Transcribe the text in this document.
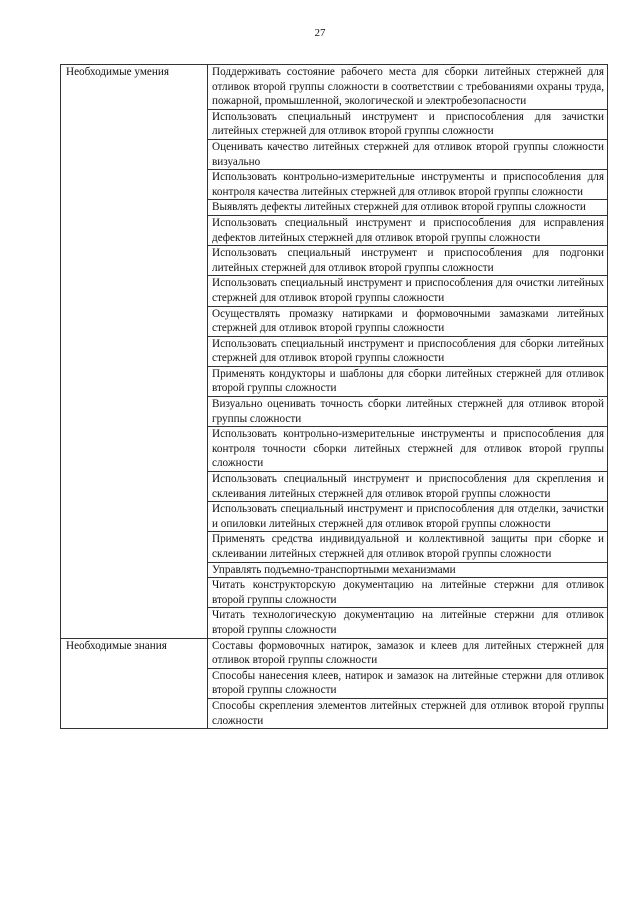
27
Необходимые умения	Поддерживать состояние рабочего места для сборки литейных стержней для отливок второй группы сложности в соответствии с требованиями охраны труда, пожарной, промышленной, экологической и электробезопасности
	Использовать специальный инструмент и приспособления для зачистки литейных стержней для отливок второй группы сложности
	Оценивать качество литейных стержней для отливок второй группы сложности визуально
	Использовать контрольно-измерительные инструменты и приспособления для контроля качества литейных стержней для отливок второй группы сложности
	Выявлять дефекты литейных стержней для отливок второй группы сложности
	Использовать специальный инструмент и приспособления для исправления дефектов литейных стержней для отливок второй группы сложности
	Использовать специальный инструмент и приспособления для подгонки литейных стержней для отливок второй группы сложности
	Использовать специальный инструмент и приспособления для очистки литейных стержней для отливок второй группы сложности
	Осуществлять промазку натирками и формовочными замазками литейных стержней для отливок второй группы сложности
	Использовать специальный инструмент и приспособления для сборки литейных стержней для отливок второй группы сложности
	Применять кондукторы и шаблоны для сборки литейных стержней для отливок второй группы сложности
	Визуально оценивать точность сборки литейных стержней для отливок второй группы сложности
	Использовать контрольно-измерительные инструменты и приспособления для контроля точности сборки литейных стержней для отливок второй группы сложности
	Использовать специальный инструмент и приспособления для скрепления и склеивания литейных стержней для отливок второй группы сложности
	Использовать специальный инструмент и приспособления для отделки, зачистки и опиловки литейных стержней для отливок второй группы сложности
	Применять средства индивидуальной и коллективной защиты при сборке и склеивании литейных стержней для отливок второй группы сложности
	Управлять подъемно-транспортными механизмами
	Читать конструкторскую документацию на литейные стержни для отливок второй группы сложности
	Читать технологическую документацию на литейные стержни для отливок второй группы сложности
Необходимые знания	Составы формовочных натирок, замазок и клеев для литейных стержней для отливок второй группы сложности
	Способы нанесения клеев, натирок и замазок на литейные стержни для отливок второй группы сложности
	Способы скрепления элементов литейных стержней для отливок второй группы сложности
